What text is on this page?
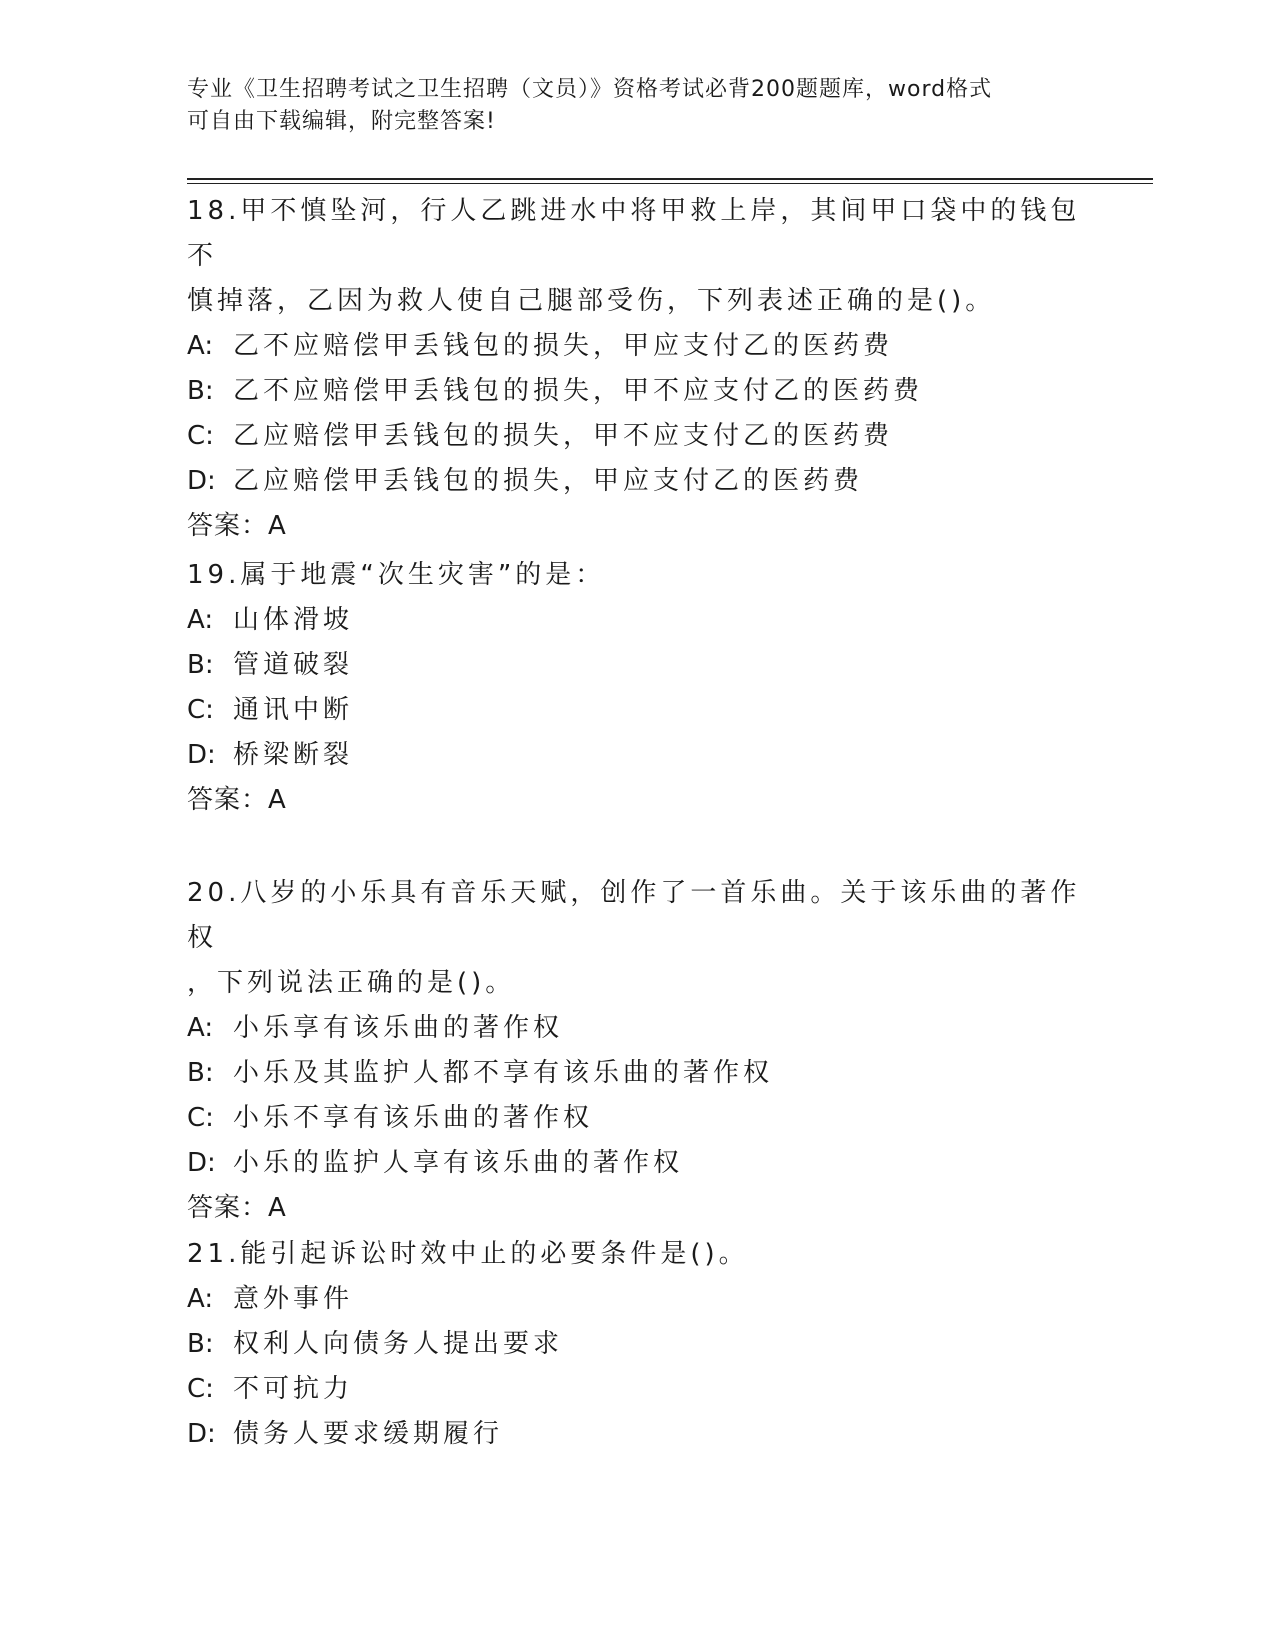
专业《卫生招聘考试之卫生招聘（文员）》资格考试必背200题题库，word格式
可自由下载编辑，附完整答案!

18.甲不慎坠河，行人乙跳进水中将甲救上岸，其间甲口袋中的钱包不
慎掉落，乙因为救人使自己腿部受伤，下列表述正确的是()。

A: 乙不应赔偿甲丢钱包的损失，甲应支付乙的医药费

B: 乙不应赔偿甲丢钱包的损失，甲不应支付乙的医药费

C: 乙应赔偿甲丢钱包的损失，甲不应支付乙的医药费

D: 乙应赔偿甲丢钱包的损失，甲应支付乙的医药费

答案：A

19.属于地震“次生灾害”的是：

A: 山体滑坡

B: 管道破裂

C: 通讯中断

D: 桥梁断裂

答案：A

20.八岁的小乐具有音乐天赋，创作了一首乐曲。关于该乐曲的著作权
，下列说法正确的是()。

A: 小乐享有该乐曲的著作权

B: 小乐及其监护人都不享有该乐曲的著作权

C: 小乐不享有该乐曲的著作权

D: 小乐的监护人享有该乐曲的著作权

答案：A

21.能引起诉讼时效中止的必要条件是()。

A: 意外事件

B: 权利人向债务人提出要求

C: 不可抗力

D: 债务人要求缓期履行
